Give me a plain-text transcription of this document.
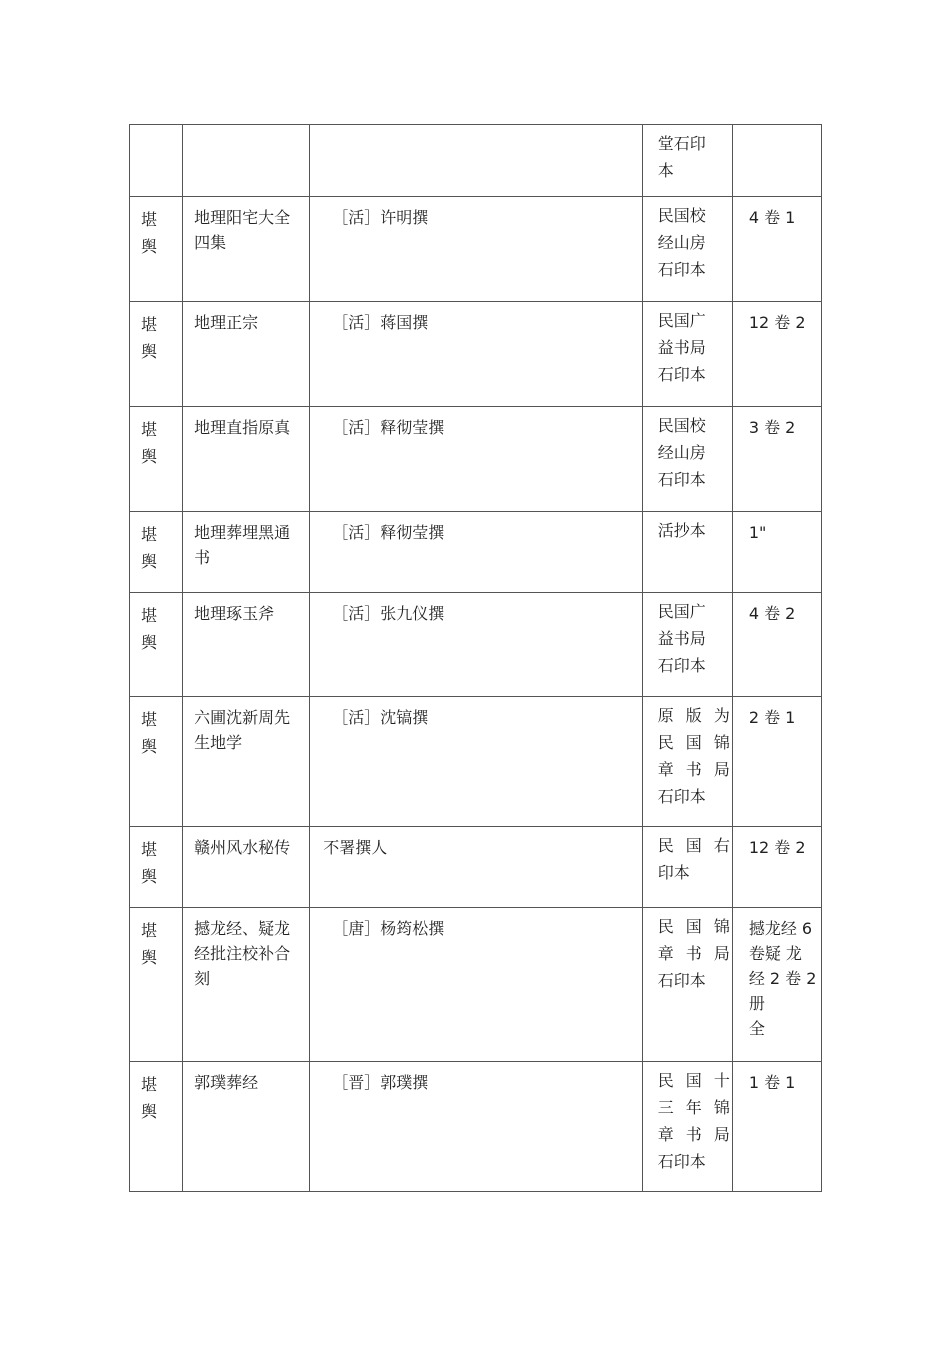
			堂石印
本	

堪舆	地理阳宅大全四集	［活］许明撰	民国校
经山房
石印本	4 卷 1

堪舆	地理正宗	［活］蒋国撰	民国广
益书局
石印本	12 卷 2

堪舆	地理直指原真	［活］释彻莹撰	民国校
经山房
石印本	3 卷 2

堪舆	地理葬埋黑通书	［活］释彻莹撰	活抄本	1"

堪舆	地理琢玉斧	［活］张九仪撰	民国广
益书局
石印本	4 卷 2

堪舆	六圃沈新周先生地学	［活］沈镐撰	原 版 为
民 国 锦
章 书 局
石印本	2 卷 1

堪舆	赣州风水秘传	不署撰人	民 国 右
印本	12 卷 2

堪舆	撼龙经、疑龙经批注校补合刻	［唐］杨筠松撰	民 国 锦
章 书 局
石印本	撼龙经 6
卷疑 龙
经 2 卷 2
册
全

堪舆	郭璞葬经	［晋］郭璞撰	民 国 十
三 年 锦
章 书 局
石印本	1 卷 1
